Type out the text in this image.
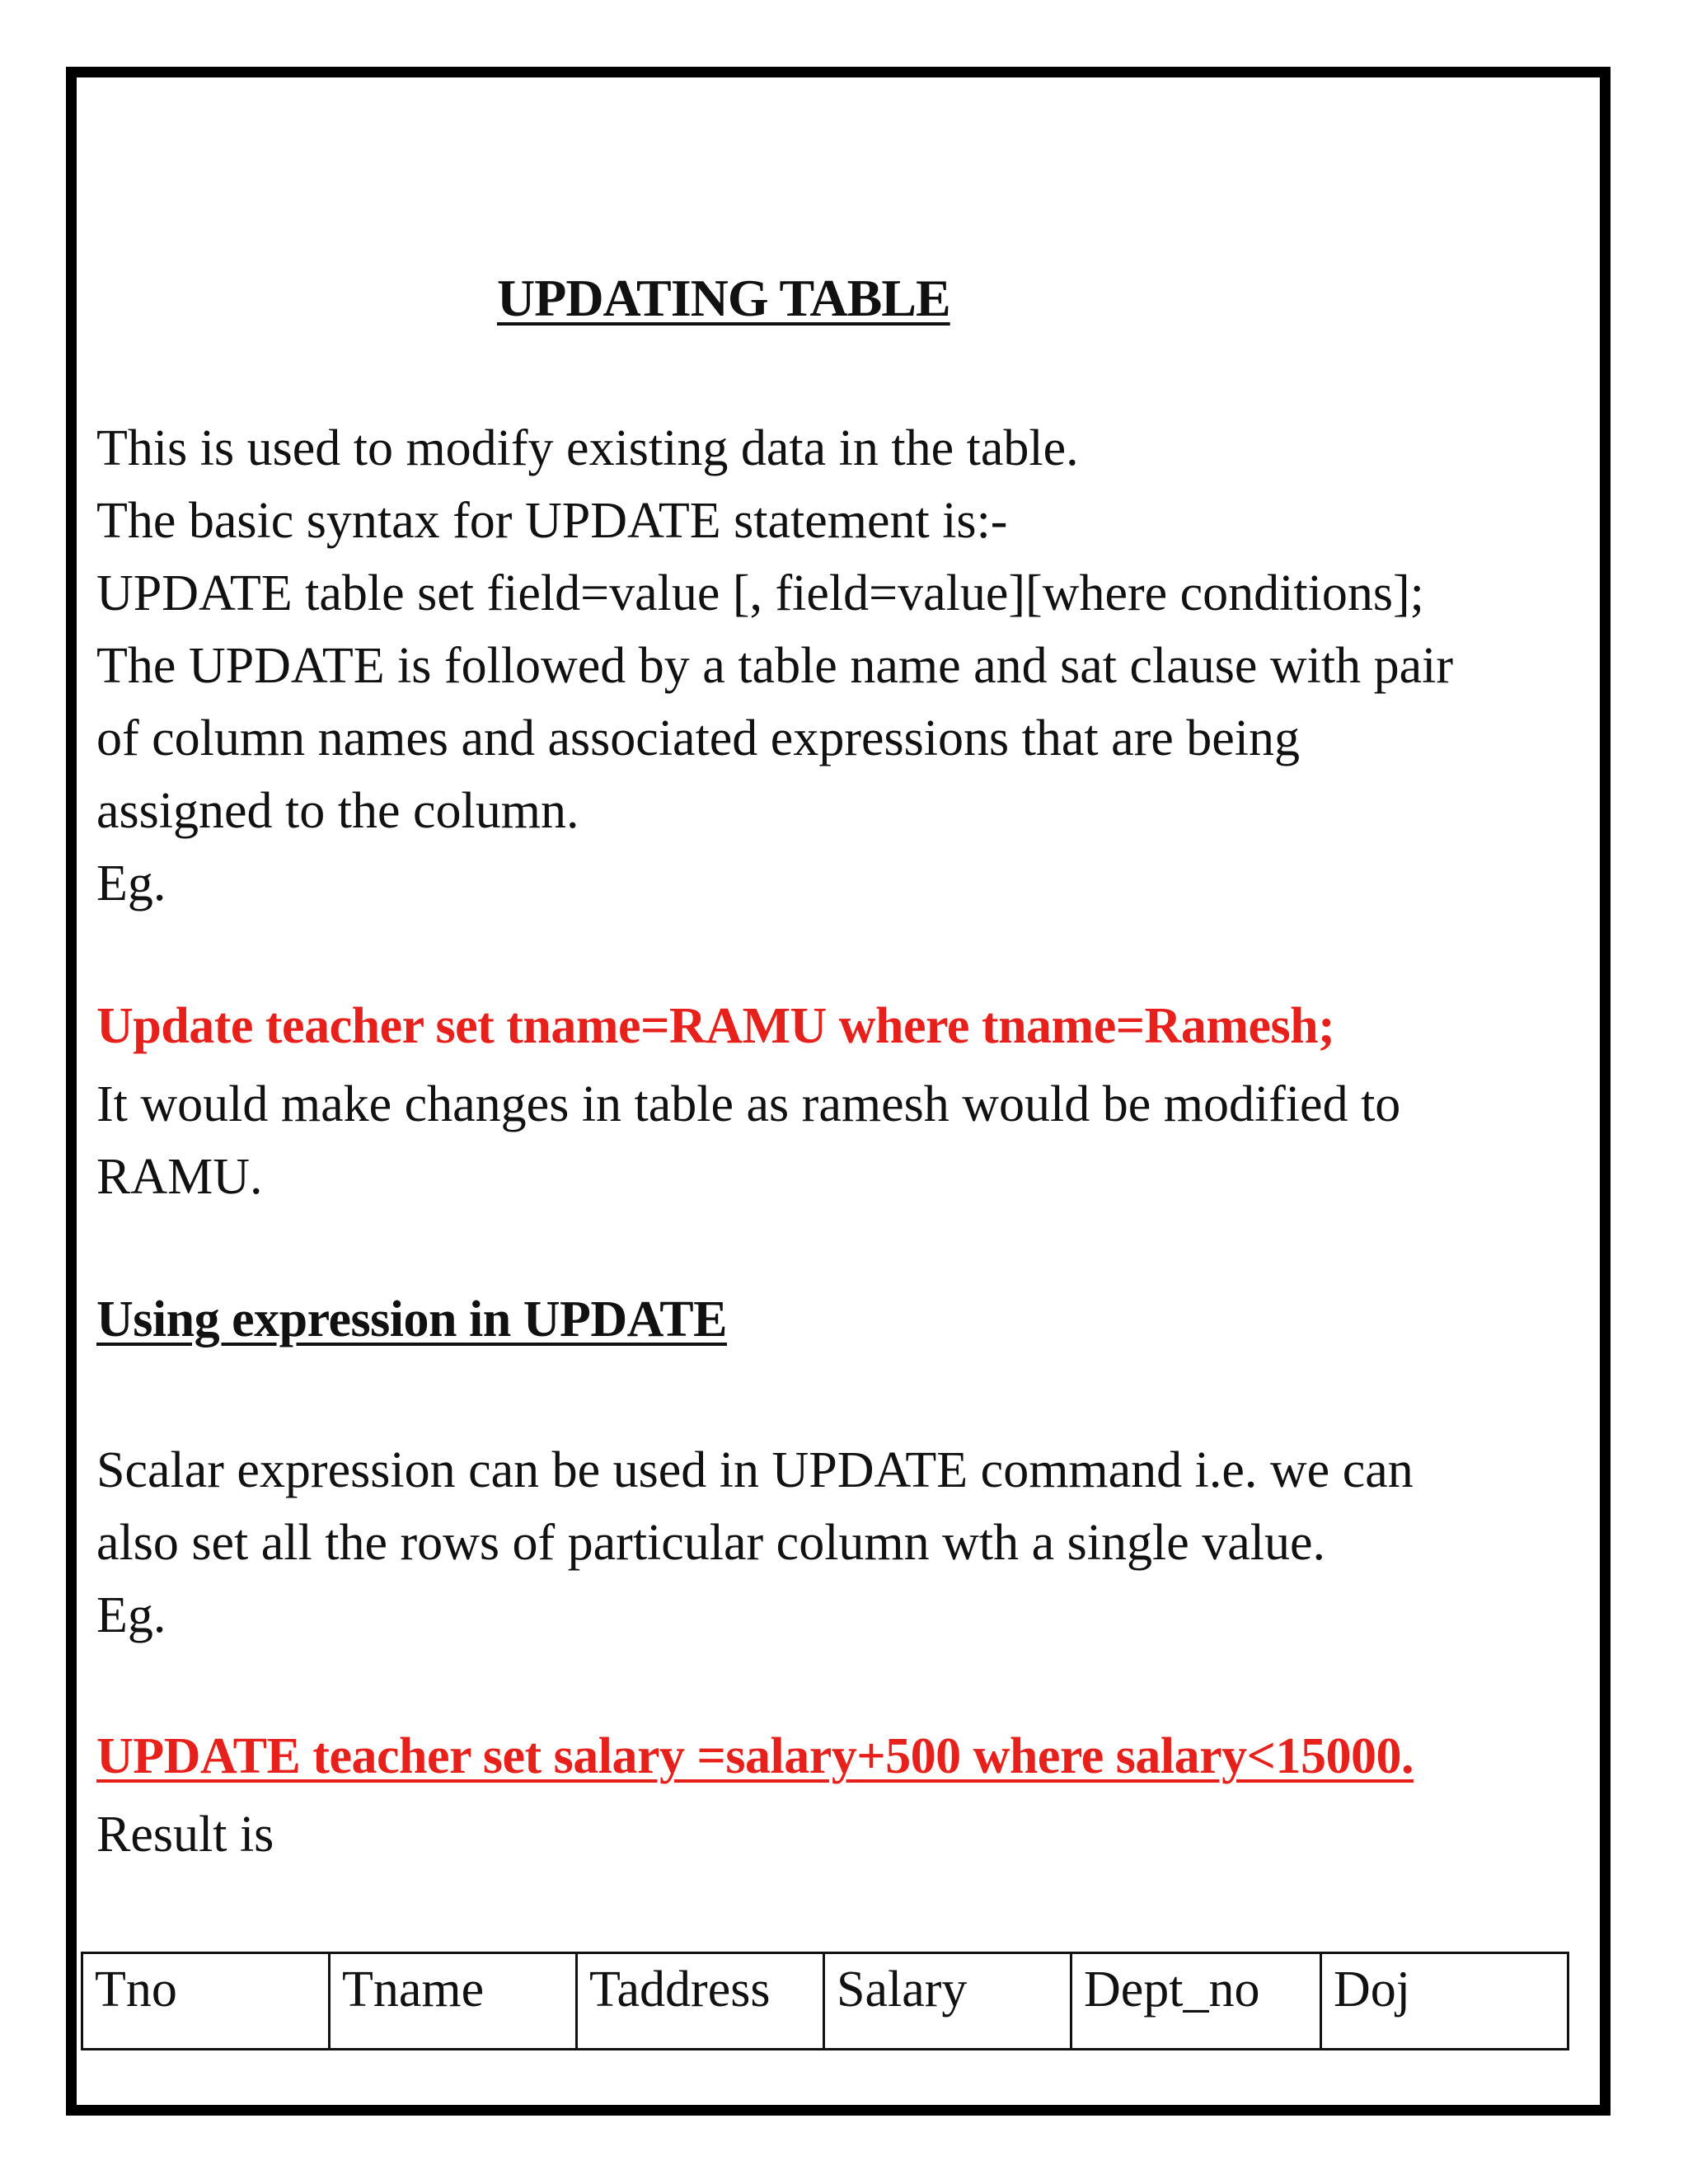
UPDATING TABLE
This is used to modify existing data in the table.
The basic syntax for UPDATE statement is:-
UPDATE table set field=value [, field=value][where conditions];
The UPDATE is followed by a table name and sat clause with pair
of column names and associated expressions that are being
assigned to the column.
Eg.
Update teacher set tname=RAMU where tname=Ramesh;
It would make changes in table as ramesh would be modified to
RAMU.
Using expression in UPDATE
Scalar expression can be used in UPDATE command i.e. we can
also set all the rows of particular column wth a single value.
Eg.
UPDATE teacher set salary =salary+500 where salary<15000.
Result is
Tno	Tname	Taddress	Salary	Dept_no	Doj
